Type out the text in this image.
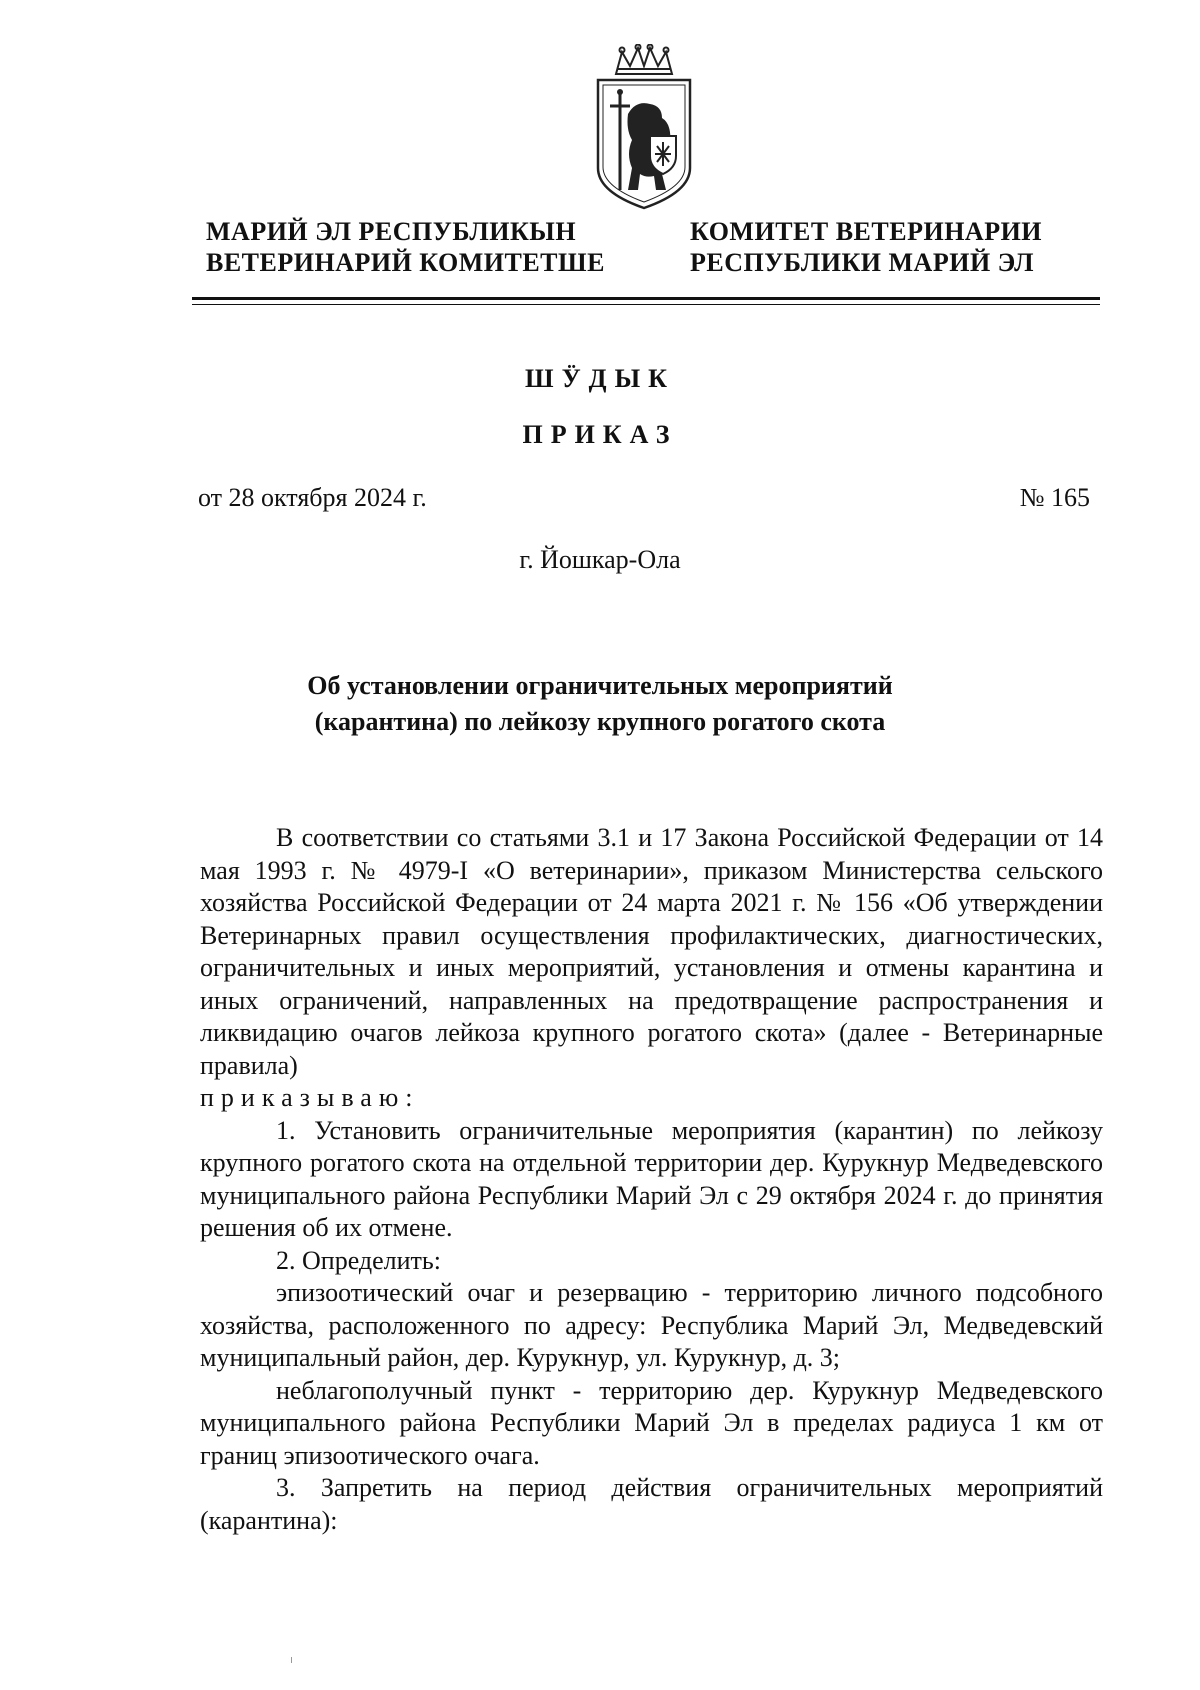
МАРИЙ ЭЛ РЕСПУБЛИКЫН
ВЕТЕРИНАРИЙ КОМИТЕТШЕ
КОМИТЕТ ВЕТЕРИНАРИИ
РЕСПУБЛИКИ МАРИЙ ЭЛ
ШӰДЫК
ПРИКАЗ
от 28 октября 2024 г.	№ 165
г. Йошкар-Ола
Об установлении ограничительных мероприятий
(карантина) по лейкозу крупного рогатого скота

В соответствии со статьями 3.1 и 17 Закона Российской Федерации от 14 мая 1993 г. № 4979-I «О ветеринарии», приказом Министерства сельского хозяйства Российской Федерации от 24 марта 2021 г. № 156 «Об утверждении Ветеринарных правил осуществления профилактических, диагностических, ограничительных и иных мероприятий, установления и отмены карантина и иных ограничений, направленных на предотвращение распространения и ликвидацию очагов лейкоза крупного рогатого скота» (далее - Ветеринарные правила)

приказываю:

1. Установить ограничительные мероприятия (карантин) по лейкозу крупного рогатого скота на отдельной территории дер. Курукнур Медведевского муниципального района Республики Марий Эл с 29 октября 2024 г. до принятия решения об их отмене.

2. Определить:

эпизоотический очаг и резервацию - территорию личного подсобного хозяйства, расположенного по адресу: Республика Марий Эл, Медведевский муниципальный район, дер. Курукнур, ул. Курукнур, д. 3;

неблагополучный пункт - территорию дер. Курукнур Медведевского муниципального района Республики Марий Эл в пределах радиуса 1 км от границ эпизоотического очага.

3. Запретить на период действия ограничительных мероприятий (карантина):
